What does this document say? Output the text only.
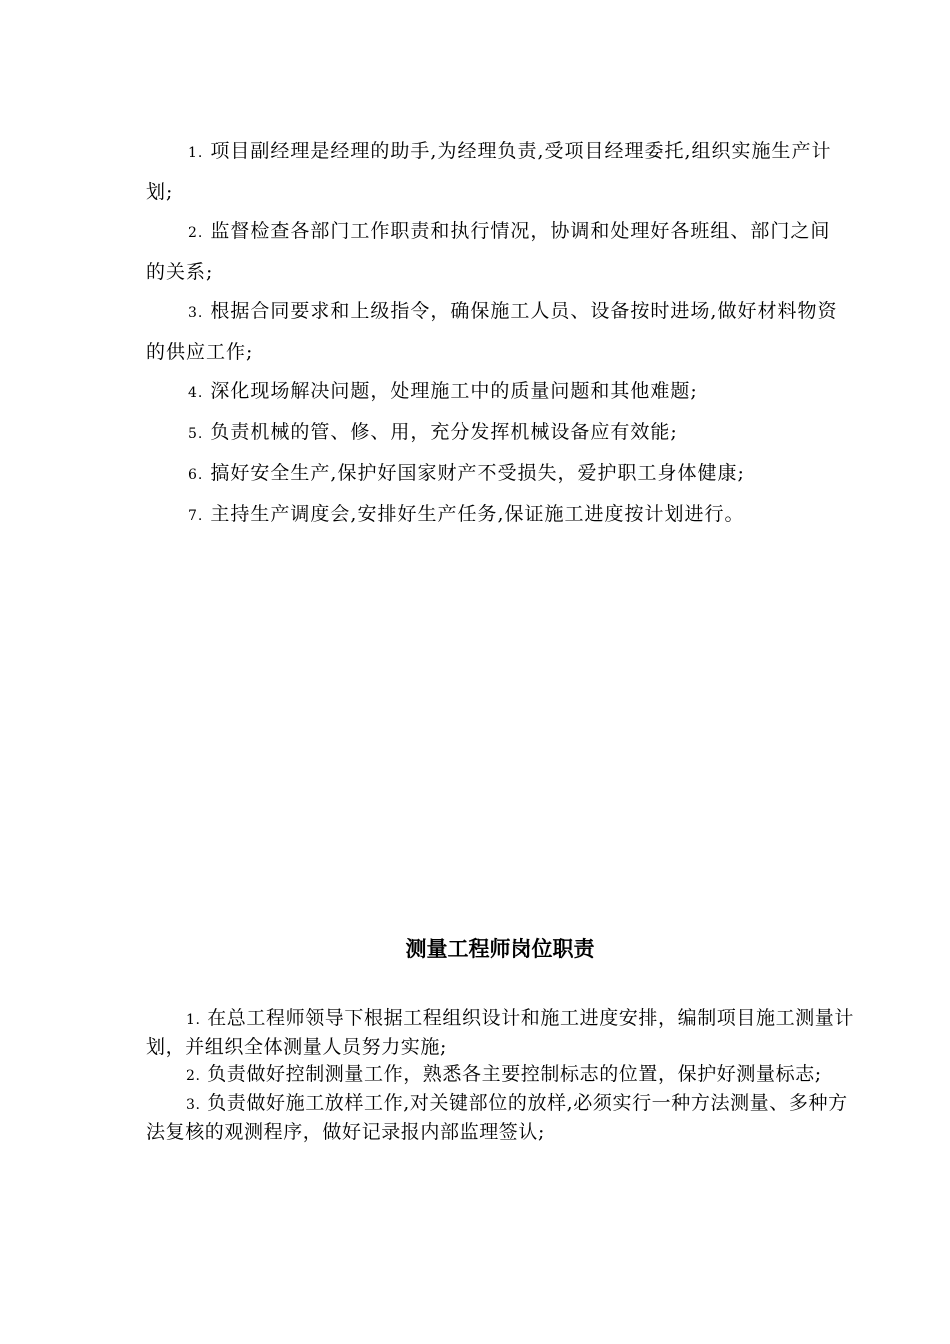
1. 项目副经理是经理的助手,为经理负责,受项目经理委托,组织实施生产计划;

2. 监督检查各部门工作职责和执行情况，协调和处理好各班组、部门之间的关系;

3. 根据合同要求和上级指令，确保施工人员、设备按时进场,做好材料物资的供应工作;

4. 深化现场解决问题，处理施工中的质量问题和其他难题;

5. 负责机械的管、修、用，充分发挥机械设备应有效能;

6. 搞好安全生产,保护好国家财产不受损失，爱护职工身体健康;

7. 主持生产调度会,安排好生产任务,保证施工进度按计划进行。

测量工程师岗位职责

1. 在总工程师领导下根据工程组织设计和施工进度安排，编制项目施工测量计划，并组织全体测量人员努力实施;

2. 负责做好控制测量工作，熟悉各主要控制标志的位置，保护好测量标志;

3. 负责做好施工放样工作,对关键部位的放样,必须实行一种方法测量、多种方法复核的观测程序，做好记录报内部监理签认;
